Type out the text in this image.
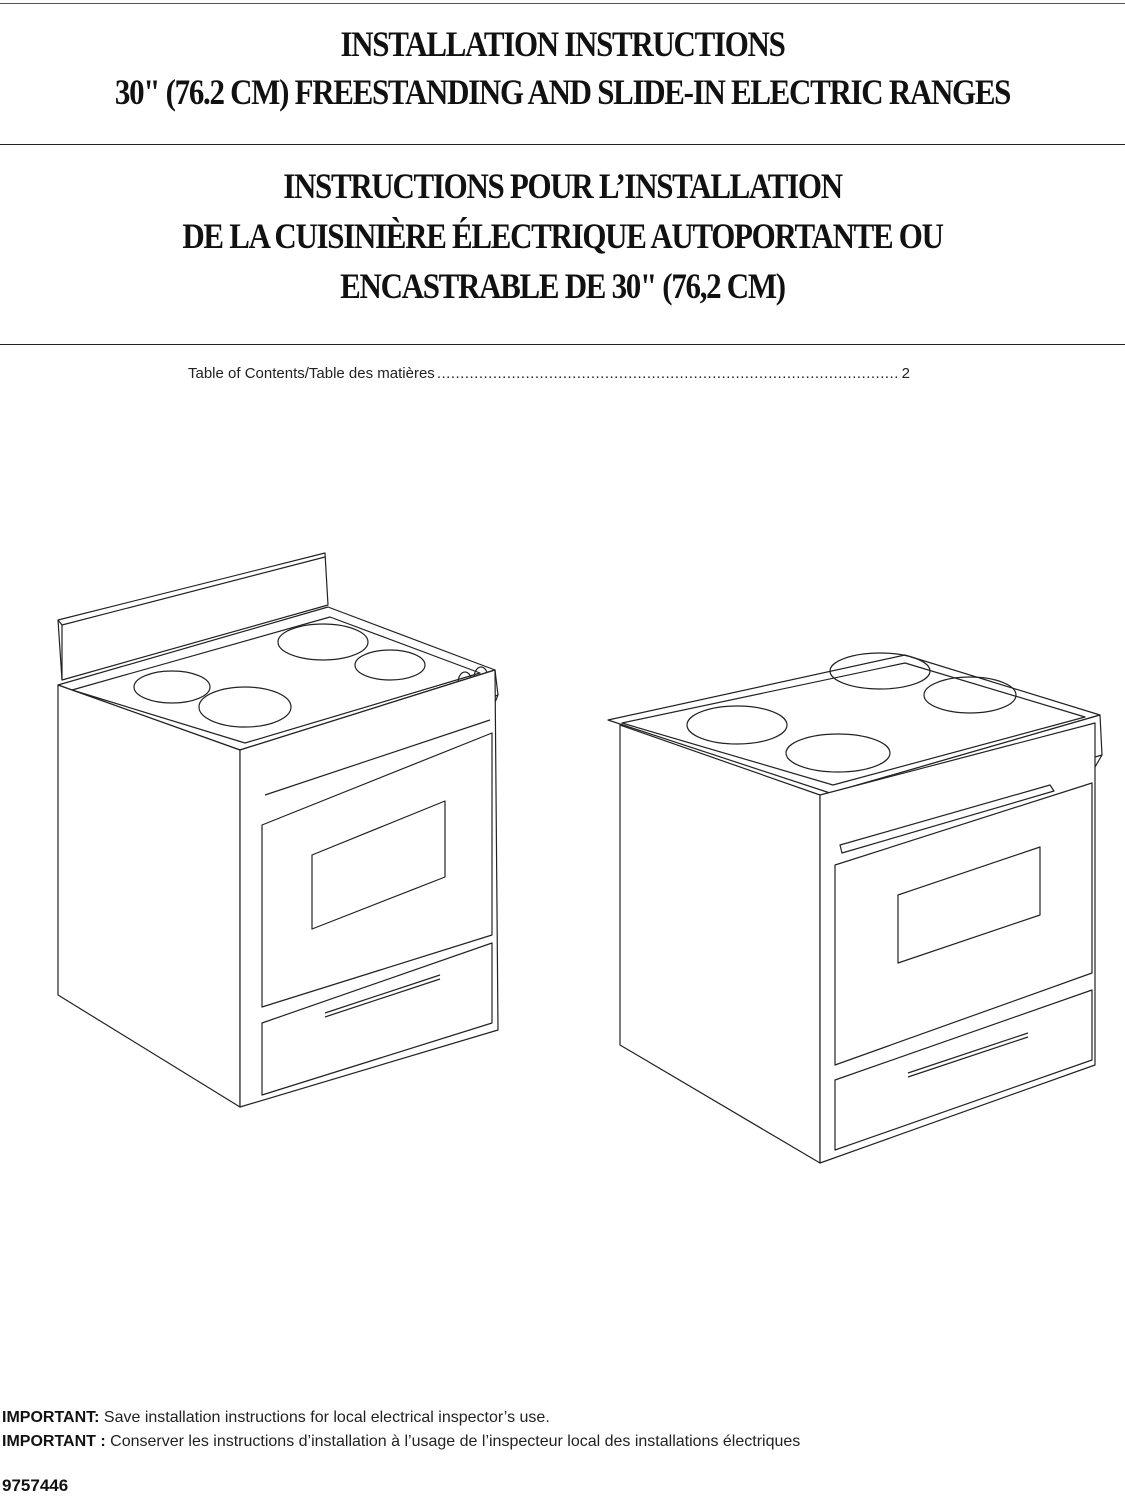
INSTALLATION INSTRUCTIONS
30" (76.2 CM) FREESTANDING AND SLIDE-IN ELECTRIC RANGES
INSTRUCTIONS POUR L’INSTALLATION
DE LA CUISINIÈRE ÉLECTRIQUE AUTOPORTANTE OU
ENCASTRABLE DE 30" (76,2 CM)
Table of Contents/Table des matières
.....	2
IMPORTANT: Save installation instructions for local electrical inspector’s use.
IMPORTANT : Conserver les instructions d’installation à l’usage de l’inspecteur local des installations électriques
9757446
